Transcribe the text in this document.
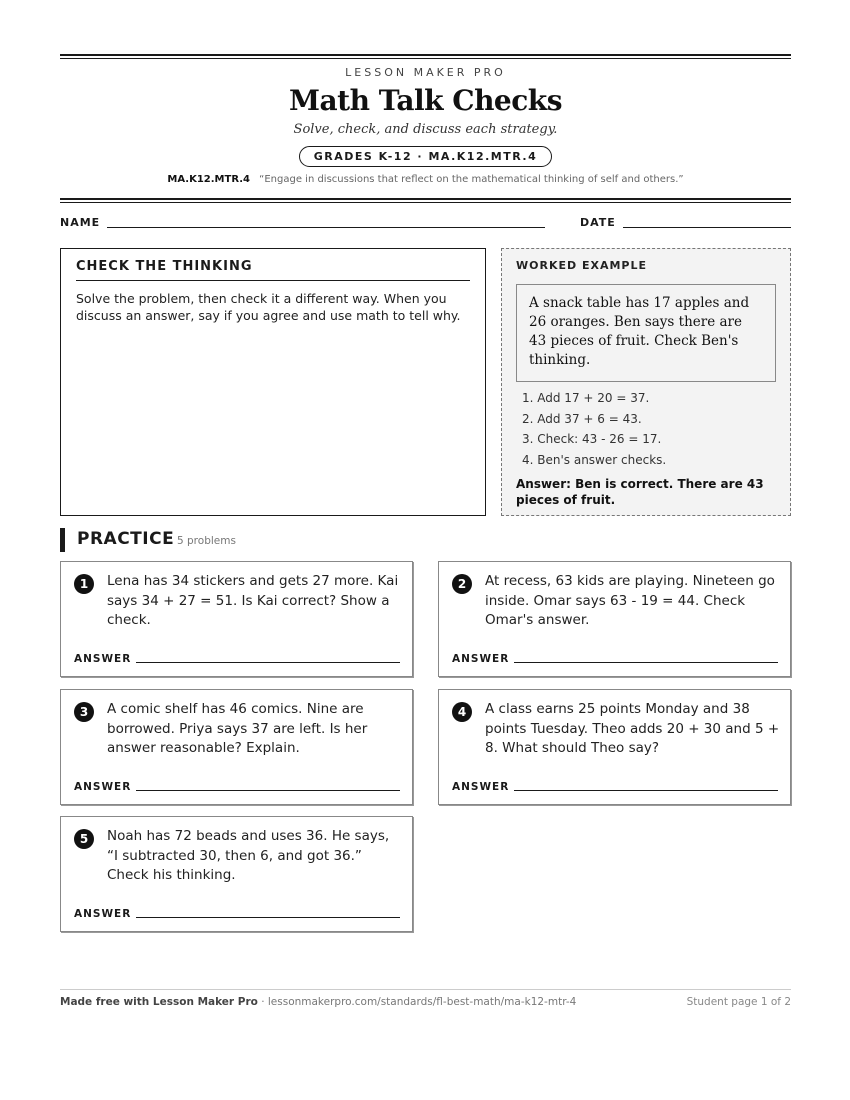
LESSON MAKER PRO
Math Talk Checks
Solve, check, and discuss each strategy.
GRADES K-12 · MA.K12.MTR.4
MA.K12.MTR.4 “Engage in discussions that reflect on the mathematical thinking of self and others.”
NAME	DATE
CHECK THE THINKING
Solve the problem, then check it a different way. When you discuss an answer, say if you agree and use math to tell why.
WORKED EXAMPLE
A snack table has 17 apples and 26 oranges. Ben says there are 43 pieces of fruit. Check Ben's thinking.
1. Add 17 + 20 = 37.
2. Add 37 + 6 = 43.
3. Check: 43 - 26 = 17.
4. Ben's answer checks.
Answer: Ben is correct. There are 43 pieces of fruit.
PRACTICE 5 problems
1	Lena has 34 stickers and gets 27 more. Kai says 34 + 27 = 51. Is Kai correct? Show a check.
ANSWER
2	At recess, 63 kids are playing. Nineteen go inside. Omar says 63 - 19 = 44. Check Omar's answer.
ANSWER
3	A comic shelf has 46 comics. Nine are borrowed. Priya says 37 are left. Is her answer reasonable? Explain.
ANSWER
4	A class earns 25 points Monday and 38 points Tuesday. Theo adds 20 + 30 and 5 + 8. What should Theo say?
ANSWER
5	Noah has 72 beads and uses 36. He says, “I subtracted 30, then 6, and got 36.” Check his thinking.
ANSWER
Made free with Lesson Maker Pro · lessonmakerpro.com/standards/fl-best-math/ma-k12-mtr-4	Student page 1 of 2
